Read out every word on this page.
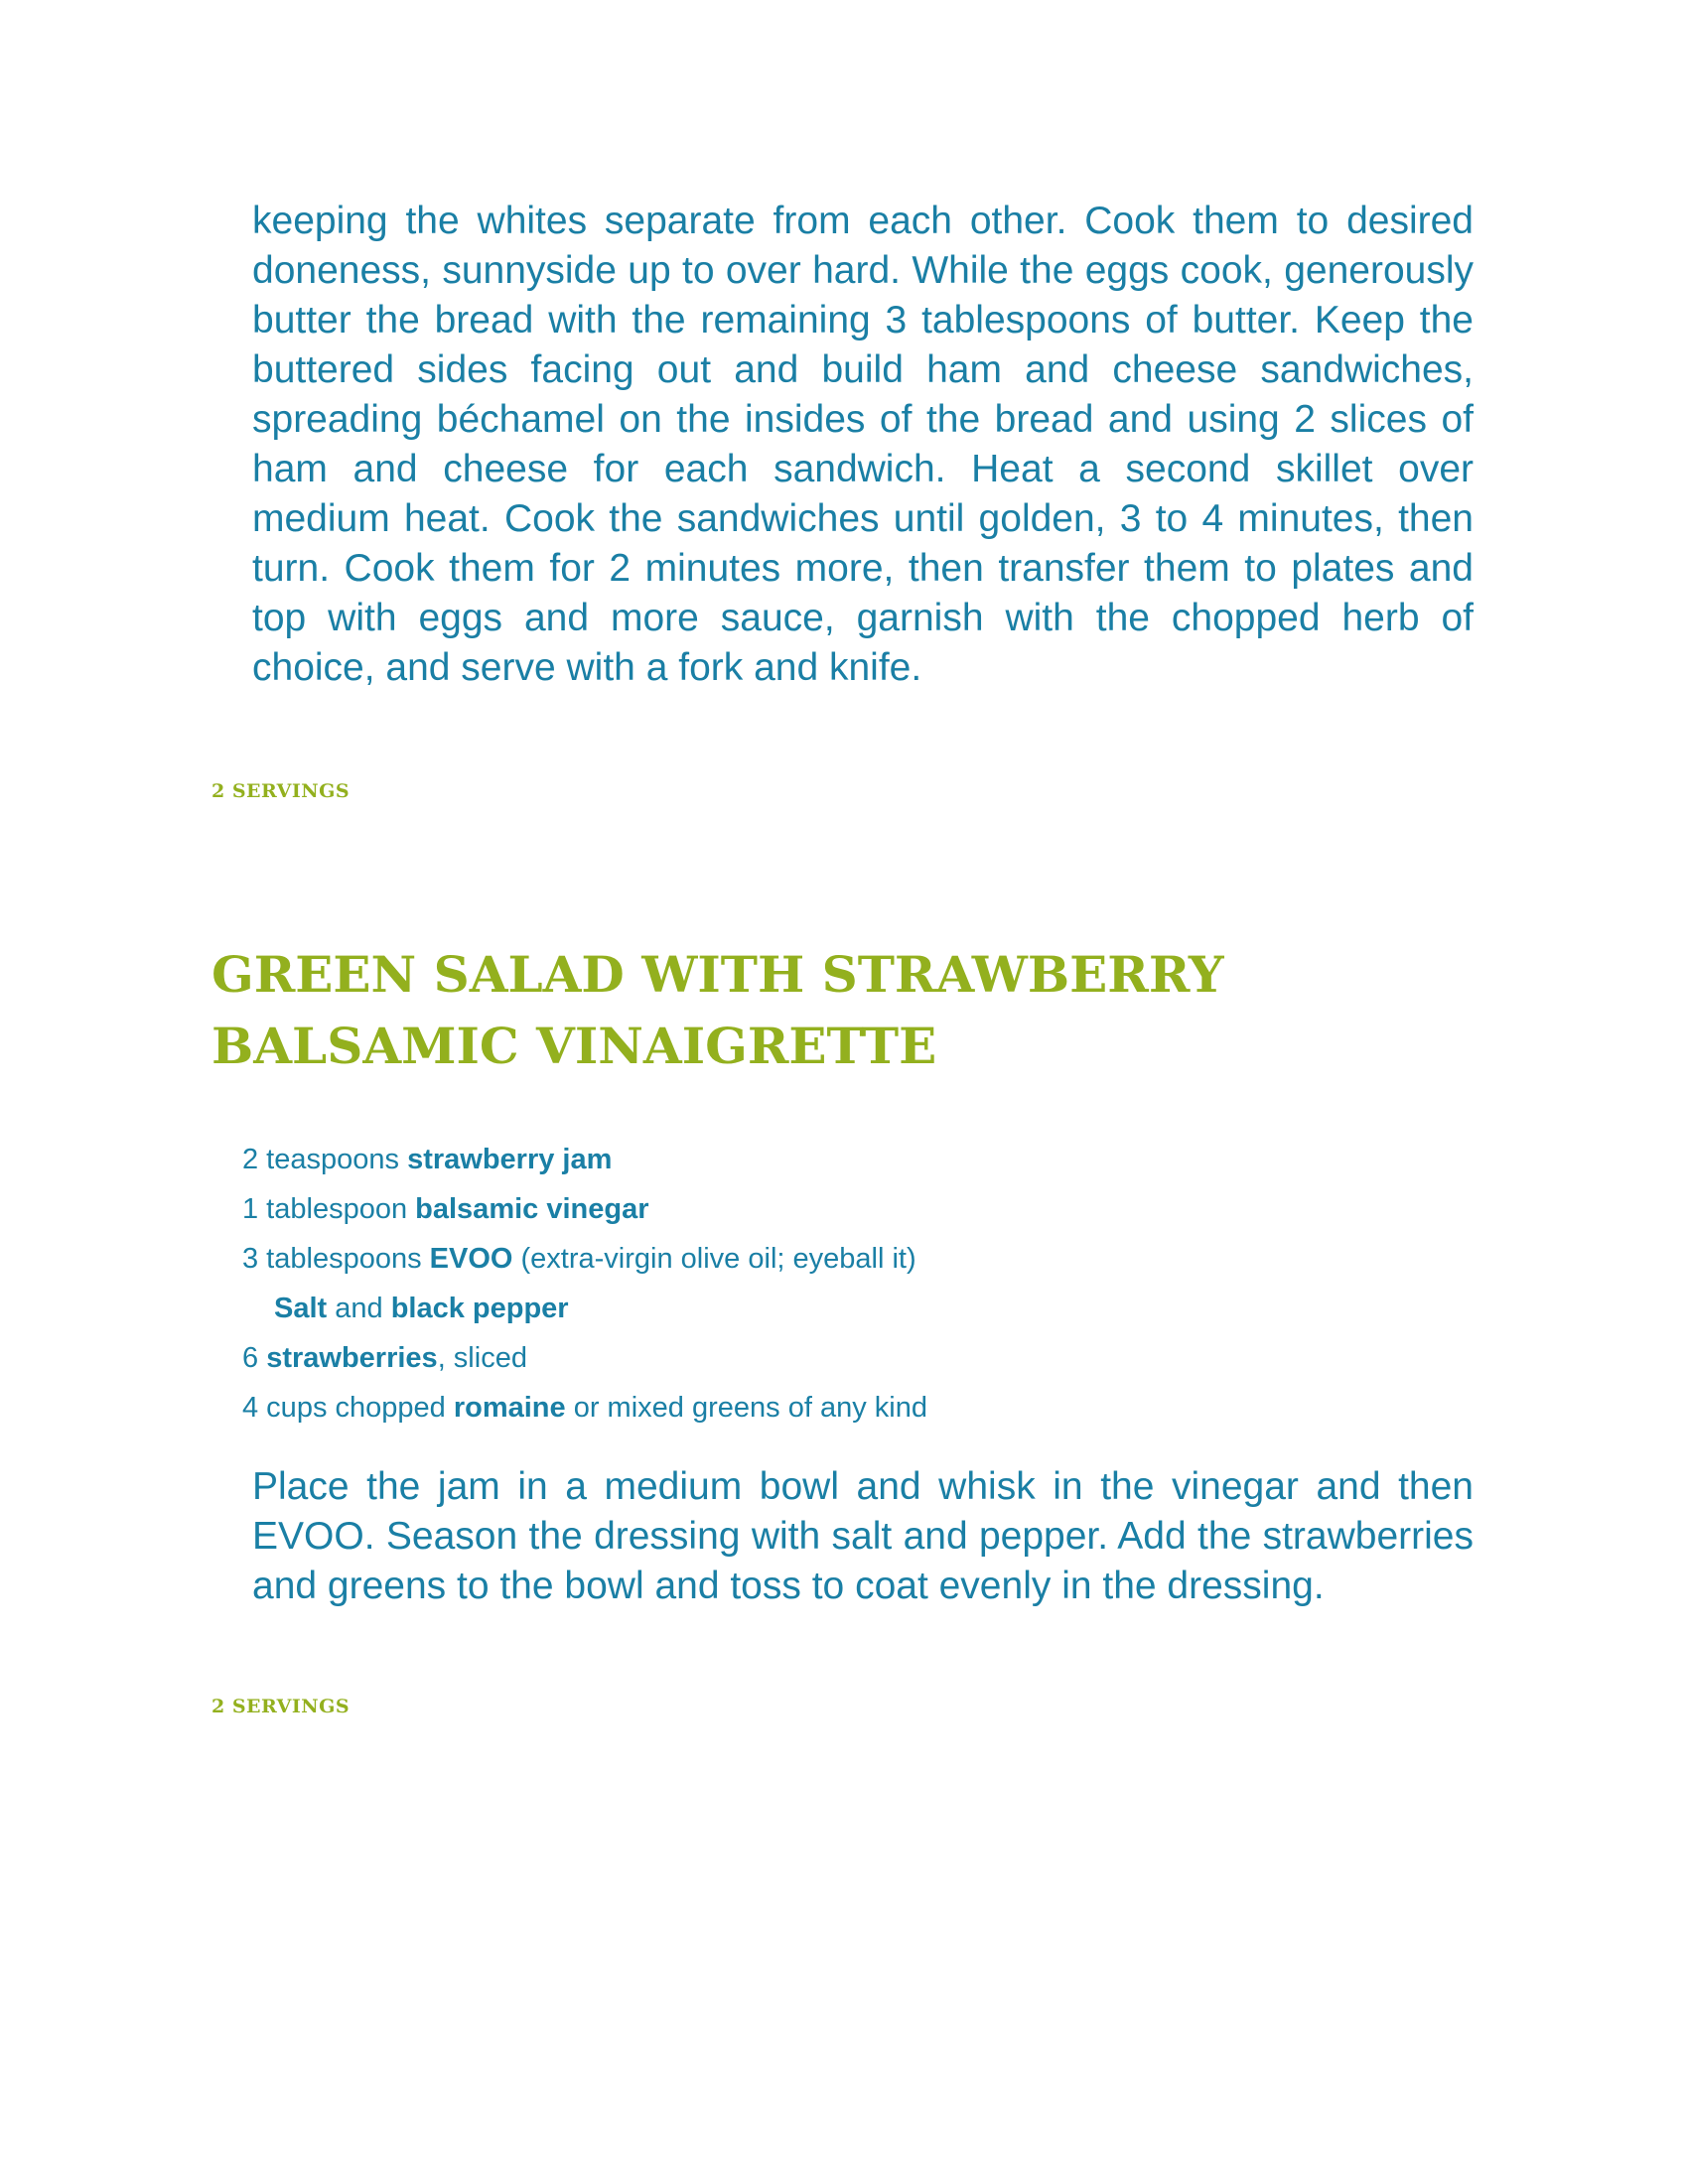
keeping the whites separate from each other. Cook them to desired doneness, sunnyside up to over hard. While the eggs cook, generously butter the bread with the remaining 3 tablespoons of butter. Keep the buttered sides facing out and build ham and cheese sandwiches, spreading béchamel on the insides of the bread and using 2 slices of ham and cheese for each sandwich. Heat a second skillet over medium heat. Cook the sandwiches until golden, 3 to 4 minutes, then turn. Cook them for 2 minutes more, then transfer them to plates and top with eggs and more sauce, garnish with the chopped herb of choice, and serve with a fork and knife.

2 SERVINGS

GREEN SALAD WITH STRAWBERRY
BALSAMIC VINAIGRETTE
2 teaspoons strawberry jam
1 tablespoon balsamic vinegar
3 tablespoons EVOO (extra-virgin olive oil; eyeball it)
Salt and black pepper
6 strawberries, sliced
4 cups chopped romaine or mixed greens of any kind

Place the jam in a medium bowl and whisk in the vinegar and then EVOO. Season the dressing with salt and pepper. Add the strawberries and greens to the bowl and toss to coat evenly in the dressing.

2 SERVINGS
